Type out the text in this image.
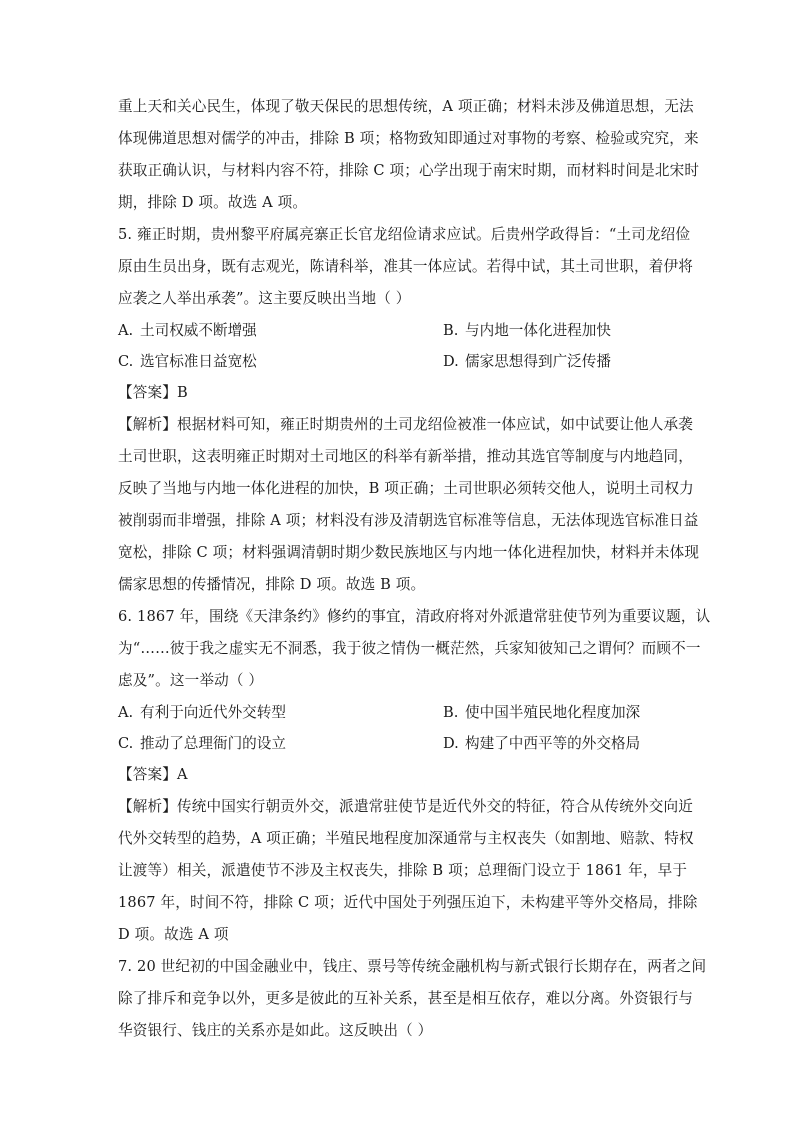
重上天和关心民生，体现了敬天保民的思想传统，A 项正确；材料未涉及佛道思想，无法
体现佛道思想对儒学的冲击，排除 B 项；格物致知即通过对事物的考察、检验或究究，来
获取正确认识，与材料内容不符，排除 C 项；心学出现于南宋时期，而材料时间是北宋时
期，排除 D 项。故选 A 项。
5. 雍正时期，贵州黎平府属亮寨正长官龙绍俭请求应试。后贵州学政得旨：“土司龙绍俭
原由生员出身，既有志观光，陈请科举，准其一体应试。若得中试，其土司世职，着伊将
应袭之人举出承袭”。这主要反映出当地（ ）
A. 土司权威不断增强	B. 与内地一体化进程加快
C. 选官标准日益宽松	D. 儒家思想得到广泛传播
【答案】B
【解析】根据材料可知，雍正时期贵州的土司龙绍俭被准一体应试，如中试要让他人承袭
土司世职，这表明雍正时期对土司地区的科举有新举措，推动其选官等制度与内地趋同，
反映了当地与内地一体化进程的加快，B 项正确；土司世职必须转交他人，说明土司权力
被削弱而非增强，排除 A 项；材料没有涉及清朝选官标准等信息，无法体现选官标准日益
宽松，排除 C 项；材料强调清朝时期少数民族地区与内地一体化进程加快，材料并未体现
儒家思想的传播情况，排除 D 项。故选 B 项。
6. 1867 年，围绕《天津条约》修约的事宜，清政府将对外派遣常驻使节列为重要议题，认
为“……彼于我之虚实无不洞悉，我于彼之情伪一概茫然，兵家知彼知己之谓何？而顾不一
虑及”。这一举动（ ）
A. 有利于向近代外交转型	B. 使中国半殖民地化程度加深
C. 推动了总理衙门的设立	D. 构建了中西平等的外交格局
【答案】A
【解析】传统中国实行朝贡外交，派遣常驻使节是近代外交的特征，符合从传统外交向近
代外交转型的趋势，A 项正确；半殖民地程度加深通常与主权丧失（如割地、赔款、特权
让渡等）相关，派遣使节不涉及主权丧失，排除 B 项；总理衙门设立于 1861 年，早于
1867 年，时间不符，排除 C 项；近代中国处于列强压迫下，未构建平等外交格局，排除
D 项。故选 A 项
7. 20 世纪初的中国金融业中，钱庄、票号等传统金融机构与新式银行长期存在，两者之间
除了排斥和竞争以外，更多是彼此的互补关系，甚至是相互依存，难以分离。外资银行与
华资银行、钱庄的关系亦是如此。这反映出（ ）
